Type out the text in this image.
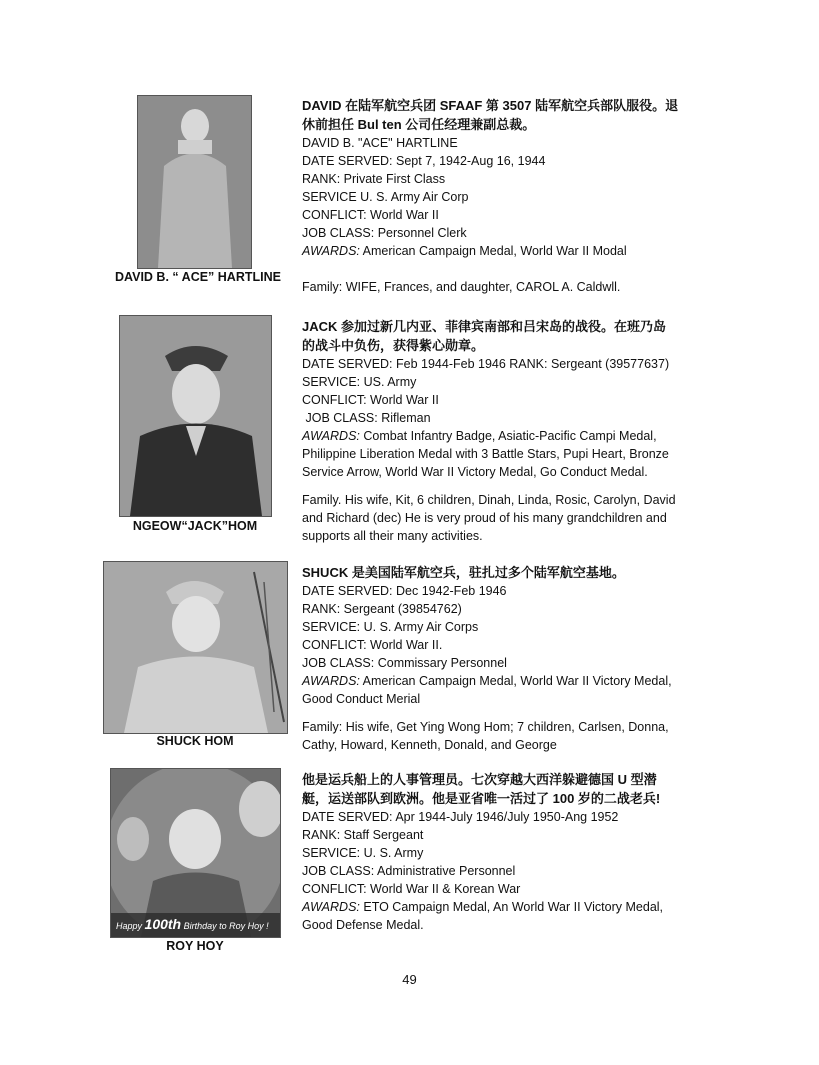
DAVID B. “ ACE” HARTLINE
DAVID 在陆军航空兵团 SFAAF 第 3507 陆军航空兵部队服役。退
休前担任 Bul ten 公司任经理兼副总裁。
DAVID B. "ACE" HARTLINE
DATE SERVED: Sept 7, 1942-Aug 16, 1944
RANK: Private First Class
SERVICE U. S. Army Air Corp
CONFLICT: World War II
JOB CLASS: Personnel Clerk
AWARDS: American Campaign Medal, World War II Modal
Family: WIFE, Frances, and daughter, CAROL A. Caldwll.
NGEOW“JACK”HOM
JACK 参加过新几内亚、菲律宾南部和吕宋岛的战役。在班乃岛
的战斗中负伤，获得紫心勋章。
DATE SERVED: Feb 1944-Feb 1946 RANK: Sergeant (39577637)
SERVICE: US. Army
CONFLICT: World War II
JOB CLASS: Rifleman
AWARDS: Combat Infantry Badge, Asiatic-Pacific Campi Medal,
Philippine Liberation Medal with 3 Battle Stars, Pupi Heart, Bronze
Service Arrow, World War II Victory Medal, Go Conduct Medal.
Family. His wife, Kit, 6 children, Dinah, Linda, Rosic, Carolyn, David
and Richard (dec) He is very proud of his many grandchildren and
supports all their many activities.
SHUCK HOM
SHUCK 是美国陆军航空兵，驻扎过多个陆军航空基地。
DATE SERVED: Dec 1942-Feb 1946
RANK: Sergeant (39854762)
SERVICE: U. S. Army Air Corps
CONFLICT: World War II.
JOB CLASS: Commissary Personnel
AWARDS: American Campaign Medal, World War II Victory Medal,
Good Conduct Merial
Family: His wife, Get Ying Wong Hom; 7 children, Carlsen, Donna,
Cathy, Howard, Kenneth, Donald, and George
Happy 100th Birthday to Roy Hoy !
ROY HOY
他是运兵船上的人事管理员。七次穿越大西洋躲避德国 U 型潜
艇，运送部队到欧洲。他是亚省唯一活过了 100 岁的二战老兵!
DATE SERVED: Apr 1944-July 1946/July 1950-Ang 1952
RANK: Staff Sergeant
SERVICE: U. S. Army
JOB CLASS: Administrative Personnel
CONFLICT: World War II & Korean War
AWARDS: ETO Campaign Medal, An World War II Victory Medal,
Good Defense Medal.
49
